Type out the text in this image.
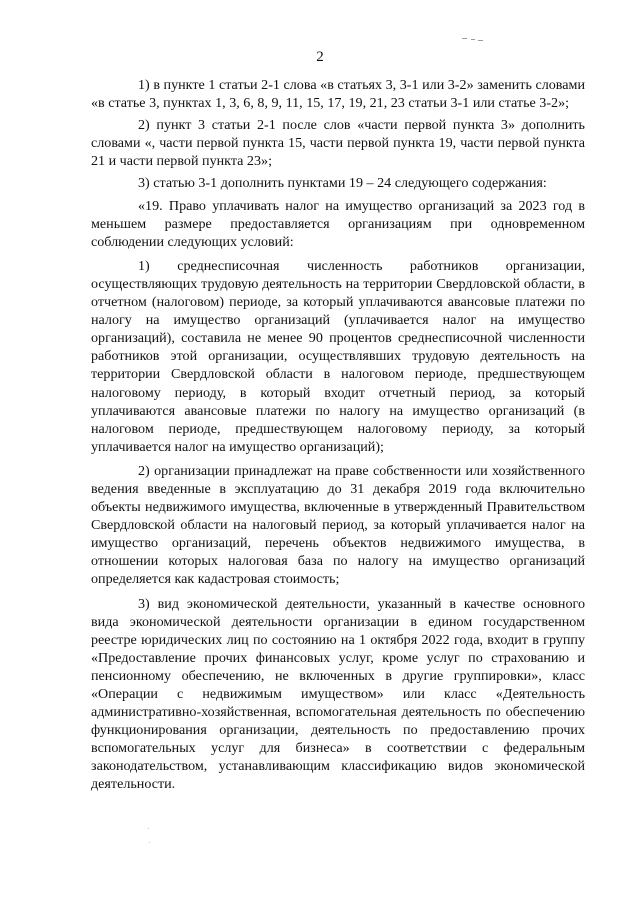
2

1) в пункте 1 статьи 2-1 слова «в статьях 3, 3-1 или 3-2» заменить словами «в статье 3, пунктах 1, 3, 6, 8, 9, 11, 15, 17, 19, 21, 23 статьи 3-1 или статье 3-2»;

2) пункт 3 статьи 2-1 после слов «части первой пункта 3» дополнить словами «, части первой пункта 15, части первой пункта 19, части первой пункта 21 и части первой пункта 23»;

3) статью 3-1 дополнить пунктами 19 – 24 следующего содержания:

«19. Право уплачивать налог на имущество организаций за 2023 год в меньшем размере предоставляется организациям при одновременном соблюдении следующих условий:

1) среднесписочная численность работников организации, осуществляющих трудовую деятельность на территории Свердловской области, в отчетном (налоговом) периоде, за который уплачиваются авансовые платежи по налогу на имущество организаций (уплачивается налог на имущество организаций), составила не менее 90 процентов среднесписочной численности работников этой организации, осуществлявших трудовую деятельность на территории Свердловской области в налоговом периоде, предшествующем налоговому периоду, в который входит отчетный период, за который уплачиваются авансовые платежи по налогу на имущество организаций (в налоговом периоде, предшествующем налоговому периоду, за который уплачивается налог на имущество организаций);

2) организации принадлежат на праве собственности или хозяйственного ведения введенные в эксплуатацию до 31 декабря 2019 года включительно объекты недвижимого имущества, включенные в утвержденный Правительством Свердловской области на налоговый период, за который уплачивается налог на имущество организаций, перечень объектов недвижимого имущества, в отношении которых налоговая база по налогу на имущество организаций определяется как кадастровая стоимость;

3) вид экономической деятельности, указанный в качестве основного вида экономической деятельности организации в едином государственном реестре юридических лиц по состоянию на 1 октября 2022 года, входит в группу «Предоставление прочих финансовых услуг, кроме услуг по страхованию и пенсионному обеспечению, не включенных в другие группировки», класс «Операции с недвижимым имуществом» или класс «Деятельность административно-хозяйственная, вспомогательная деятельность по обеспечению функционирования организации, деятельность по предоставлению прочих вспомогательных услуг для бизнеса» в соответствии с федеральным законодательством, устанавливающим классификацию видов экономической деятельности.
